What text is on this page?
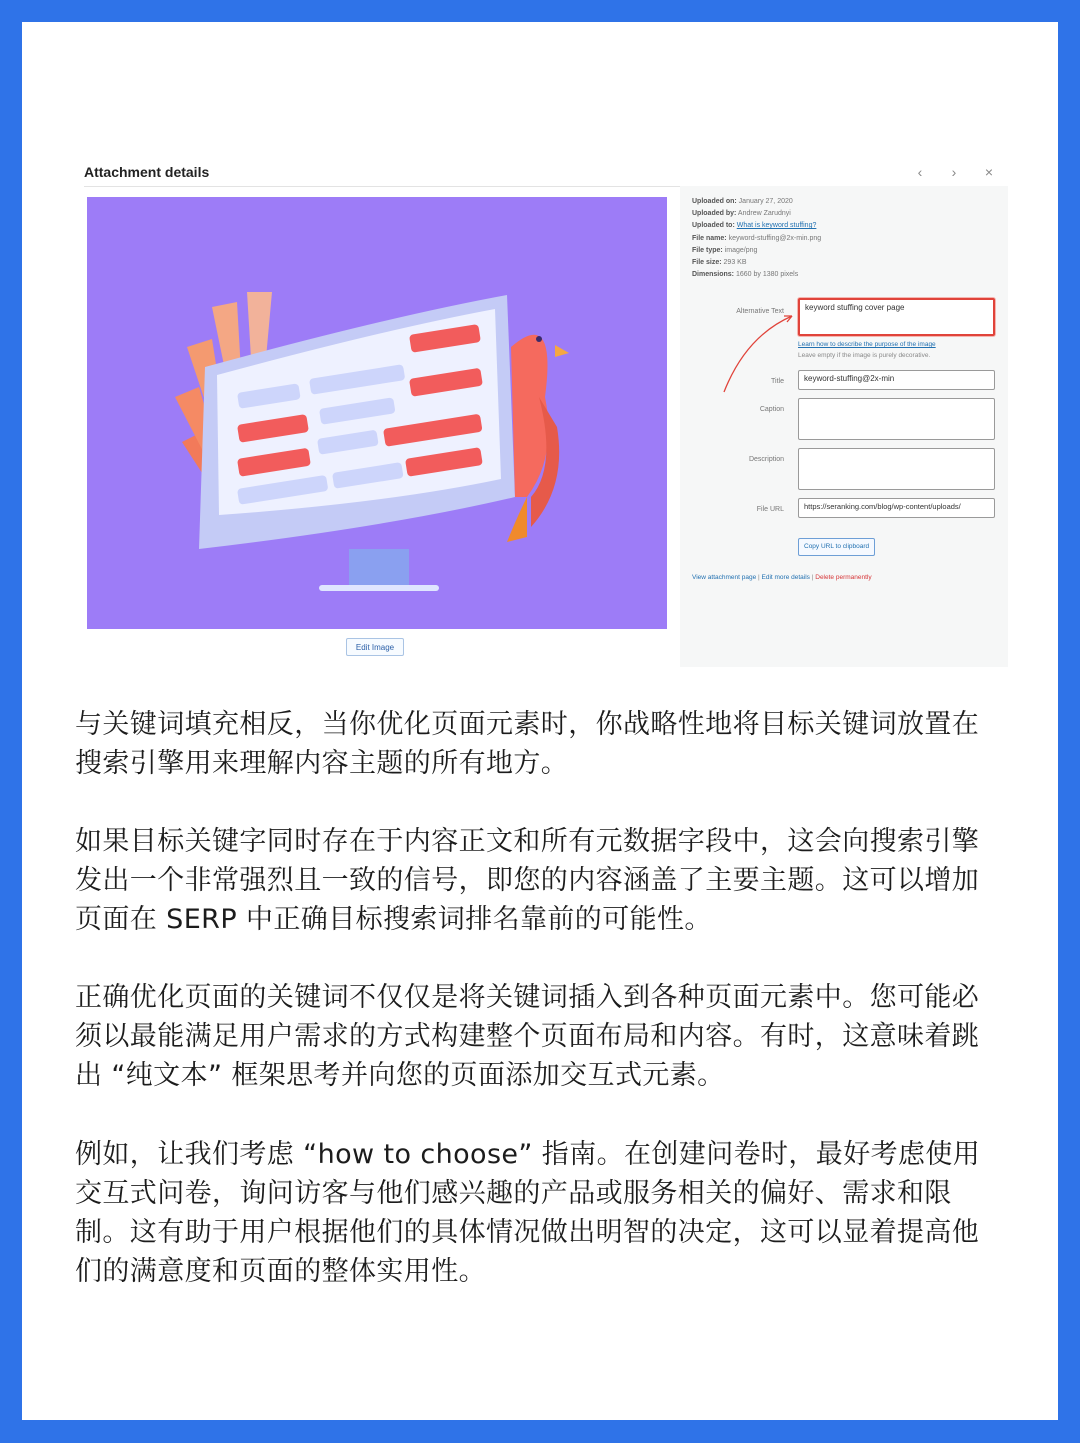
Attachment details	‹	›	×
Edit Image
Uploaded on: January 27, 2020
Uploaded by: Andrew Zarudnyi
Uploaded to: What is keyword stuffing?
File name: keyword-stuffing@2x-min.png
File type: image/png
File size: 293 KB
Dimensions: 1660 by 1380 pixels
Alternative Text	keyword stuffing cover page
Learn how to describe the purpose of the image
Leave empty if the image is purely decorative.
Title	keyword-stuffing@2x-min
Caption
Description
File URL	https://seranking.com/blog/wp-content/uploads/
Copy URL to clipboard
View attachment page | Edit more details | Delete permanently

与关键词填充相反，当你优化页面元素时，你战略性地将目标关键词放置在搜索引擎用来理解内容主题的所有地方。

如果目标关键字同时存在于内容正文和所有元数据字段中，这会向搜索引擎发出一个非常强烈且一致的信号，即您的内容涵盖了主要主题。这可以增加页面在 SERP 中正确目标搜索词排名靠前的可能性。

正确优化页面的关键词不仅仅是将关键词插入到各种页面元素中。您可能必须以最能满足用户需求的方式构建整个页面布局和内容。有时，这意味着跳出 “纯文本” 框架思考并向您的页面添加交互式元素。

例如，让我们考虑 “how to choose” 指南。在创建问卷时，最好考虑使用交互式问卷，询问访客与他们感兴趣的产品或服务相关的偏好、需求和限制。这有助于用户根据他们的具体情况做出明智的决定，这可以显着提高他们的满意度和页面的整体实用性。
